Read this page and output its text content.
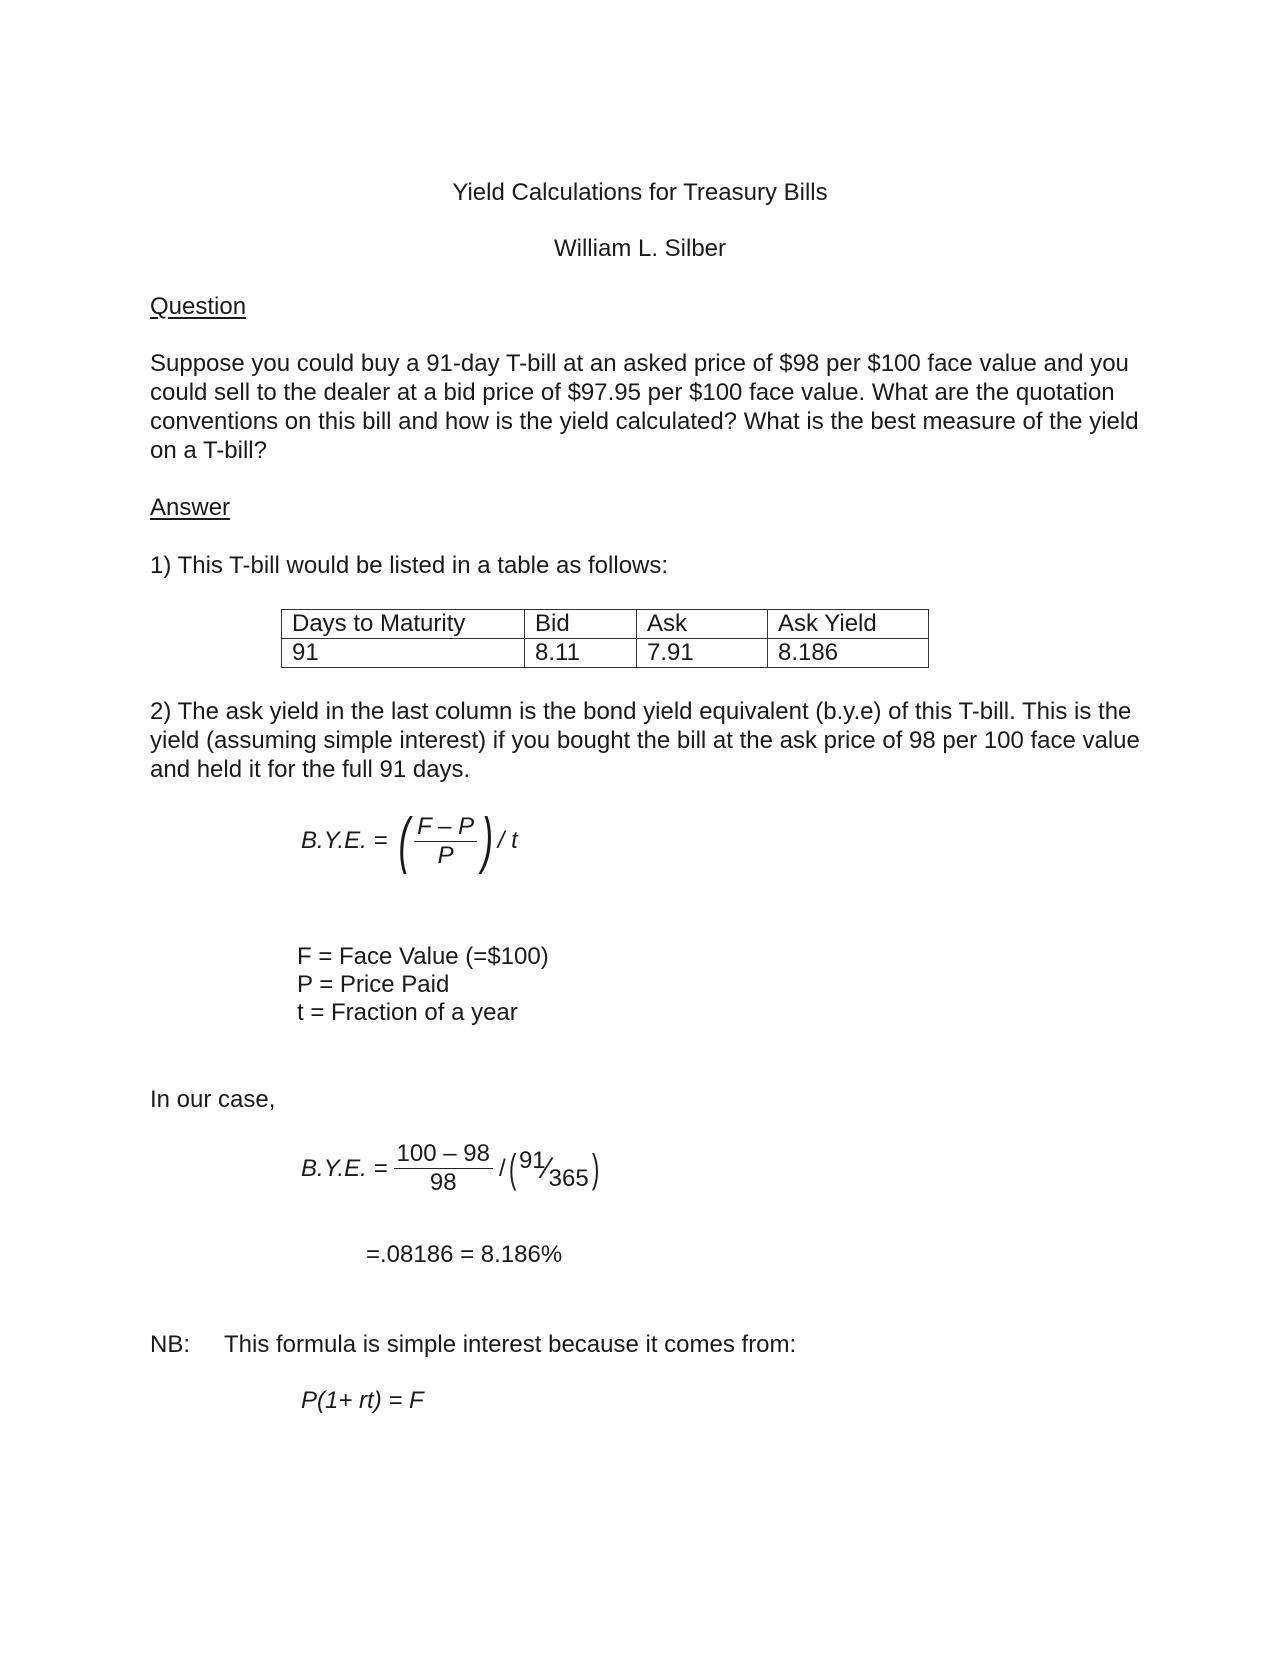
Yield Calculations for Treasury Bills
William L. Silber
Question
Suppose you could buy a 91-day T-bill at an asked price of $98 per $100 face value and you could sell to the dealer at a bid price of $97.95 per $100 face value. What are the quotation conventions on this bill and how is the yield calculated? What is the best measure of the yield on a T-bill?
Answer
1) This T-bill would be listed in a table as follows:
Days to Maturity	Bid	Ask	Ask Yield
91	8.11	7.91	8.186
2) The ask yield in the last column is the bond yield equivalent (b.y.e) of this T-bill. This is the yield (assuming simple interest) if you bought the bill at the ask price of 98 per 100 face value and held it for the full 91 days.
B.Y.E. = ( $\frac{F - P}{P}$ ) / t
F = Face Value (=$100)
P = Price Paid
t = Fraction of a year
In our case,
B.Y.E. = $\frac{100 - 98}{98}$ / ( 91 ⁄ 365 )
=.08186 = 8.186%
NB: This formula is simple interest because it comes from:
P(1+ rt) = F
